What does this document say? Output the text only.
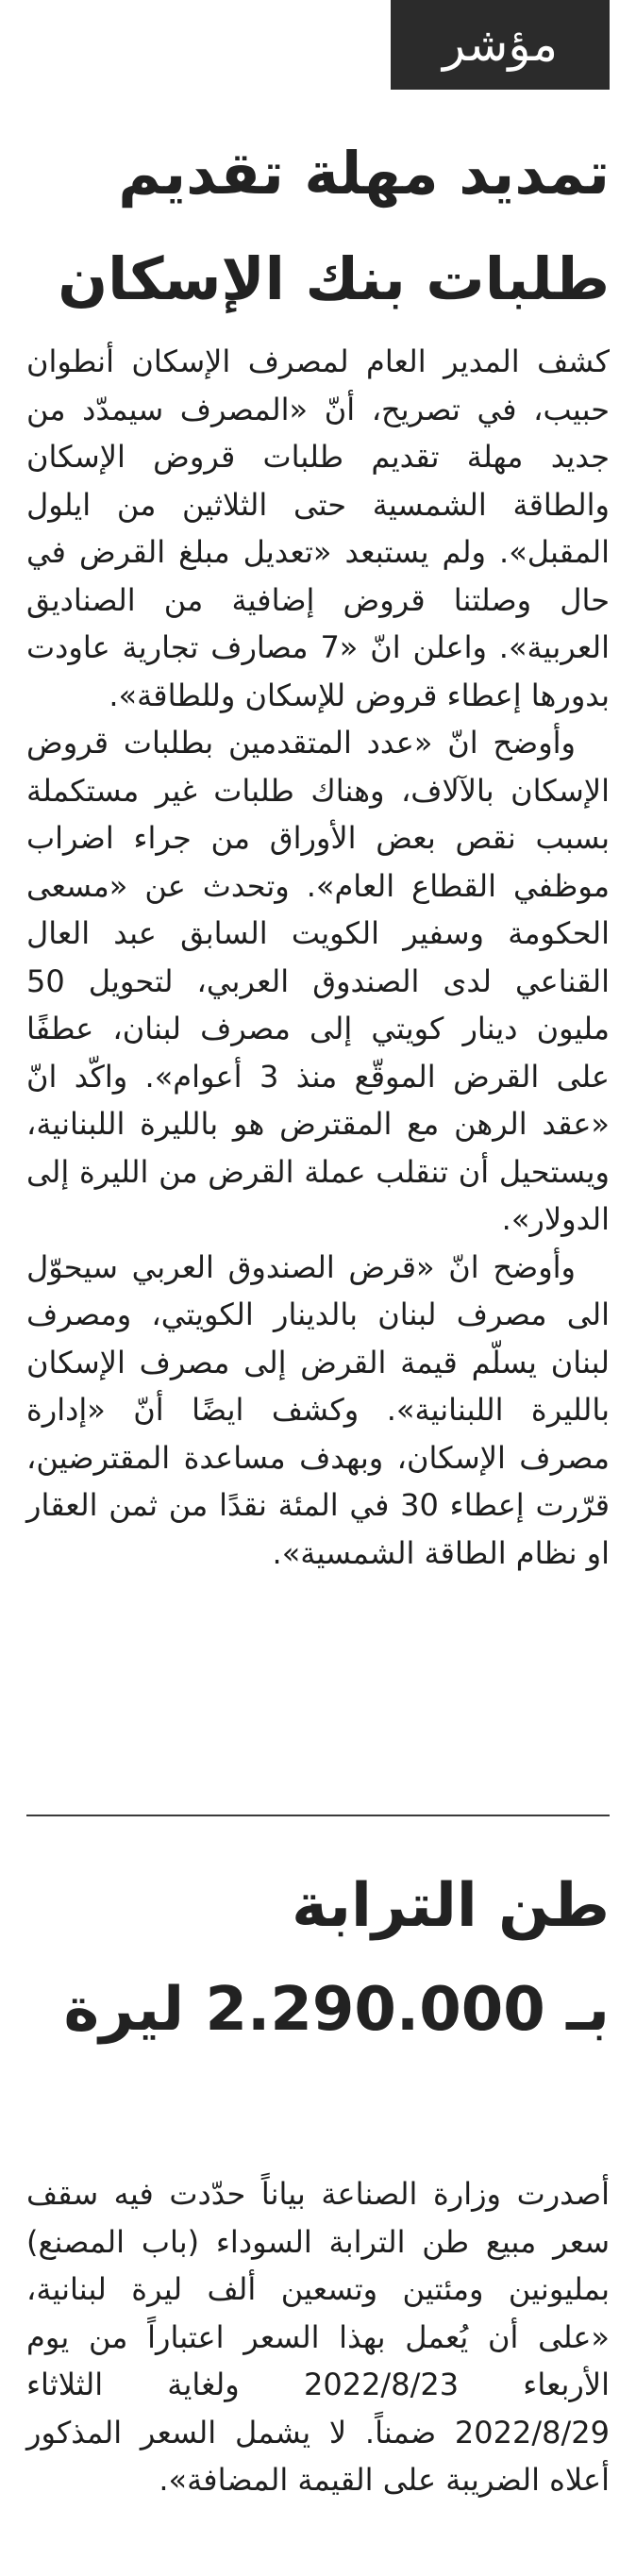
مؤشر
تمديد مهلة تقديم
طلبات بنك الإسكان

كشف المدير العام لمصرف الإسكان أنطوان حبيب، في تصريح، أنّ «المصرف سيمدّد من جديد مهلة تقديم طلبات قروض الإسكان والطاقة الشمسية حتى الثلاثين من ايلول المقبل». ولم يستبعد «تعديل مبلغ القرض في حال وصلتنا قروض إضافية من الصناديق العربية». واعلن انّ «7 مصارف تجارية عاودت بدورها إعطاء قروض للإسكان وللطاقة».

وأوضح انّ «عدد المتقدمين بطلبات قروض الإسكان بالآلاف، وهناك طلبات غير مستكملة بسبب نقص بعض الأوراق من جراء اضراب موظفي القطاع العام». وتحدث عن «مسعى الحكومة وسفير الكويت السابق عبد العال القناعي لدى الصندوق العربي، لتحويل 50 مليون دينار كويتي إلى مصرف لبنان، عطفًا على القرض الموقّع منذ 3 أعوام». واكّد انّ «عقد الرهن مع المقترض هو بالليرة اللبنانية، ويستحيل أن تنقلب عملة القرض من الليرة إلى الدولار».

وأوضح انّ «قرض الصندوق العربي سيحوّل الى مصرف لبنان بالدينار الكويتي، ومصرف لبنان يسلّم قيمة القرض إلى مصرف الإسكان بالليرة اللبنانية». وكشف ايضًا أنّ «إدارة مصرف الإسكان، وبهدف مساعدة المقترضين، قرّرت إعطاء 30 في المئة نقدًا من ثمن العقار او نظام الطاقة الشمسية».

طن الترابة
بـ 2.290.000 ليرة

أصدرت وزارة الصناعة بياناً حدّدت فيه سقف سعر مبيع طن الترابة السوداء (باب المصنع) بمليونين ومئتين وتسعين ألف ليرة لبنانية، «على أن يُعمل بهذا السعر اعتباراً من يوم الأربعاء 2022/8/23 ولغاية الثلاثاء 2022/8/29 ضمناً. لا يشمل السعر المذكور أعلاه الضريبة على القيمة المضافة».
